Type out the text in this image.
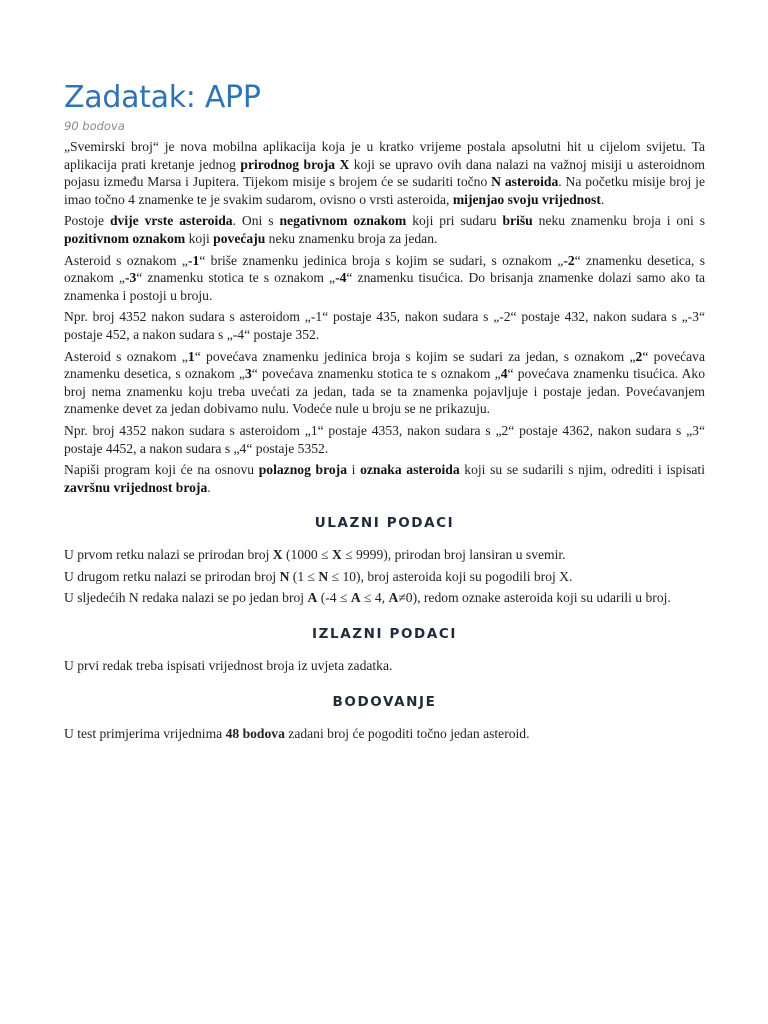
Zadatak: APP
90 bodova

„Svemirski broj“ je nova mobilna aplikacija koja je u kratko vrijeme postala apsolutni hit u cijelom svijetu. Ta aplikacija prati kretanje jednog prirodnog broja X koji se upravo ovih dana nalazi na važnoj misiji u asteroidnom pojasu između Marsa i Jupitera. Tijekom misije s brojem će se sudariti točno N asteroida. Na početku misije broj je imao točno 4 znamenke te je svakim sudarom, ovisno o vrsti asteroida, mijenjao svoju vrijednost.

Postoje dvije vrste asteroida. Oni s negativnom oznakom koji pri sudaru brišu neku znamenku broja i oni s pozitivnom oznakom koji povećaju neku znamenku broja za jedan.

Asteroid s oznakom „-1“ briše znamenku jedinica broja s kojim se sudari, s oznakom „-2“ znamenku desetica, s oznakom „-3“ znamenku stotica te s oznakom „-4“ znamenku tisućica. Do brisanja znamenke dolazi samo ako ta znamenka i postoji u broju.

Npr. broj 4352 nakon sudara s asteroidom „-1“ postaje 435, nakon sudara s „-2“ postaje 432, nakon sudara s „-3“ postaje 452, a nakon sudara s „-4“ postaje 352.

Asteroid s oznakom „1“ povećava znamenku jedinica broja s kojim se sudari za jedan, s oznakom „2“ povećava znamenku desetica, s oznakom „3“ povećava znamenku stotica te s oznakom „4“ povećava znamenku tisućica. Ako broj nema znamenku koju treba uvećati za jedan, tada se ta znamenka pojavljuje i postaje jedan. Povećavanjem znamenke devet za jedan dobivamo nulu. Vodeće nule u broju se ne prikazuju.

Npr. broj 4352 nakon sudara s asteroidom „1“ postaje 4353, nakon sudara s „2“ postaje 4362, nakon sudara s „3“ postaje 4452, a nakon sudara s „4“ postaje 5352.

Napiši program koji će na osnovu polaznog broja i oznaka asteroida koji su se sudarili s njim, odrediti i ispisati završnu vrijednost broja.

ULAZNI PODACI

U prvom retku nalazi se prirodan broj X (1000 ≤ X ≤ 9999), prirodan broj lansiran u svemir.

U drugom retku nalazi se prirodan broj N (1 ≤ N ≤ 10), broj asteroida koji su pogodili broj X.

U sljedećih N redaka nalazi se po jedan broj A (-4 ≤ A ≤ 4, A≠0), redom oznake asteroida koji su udarili u broj.

IZLAZNI PODACI

U prvi redak treba ispisati vrijednost broja iz uvjeta zadatka.

BODOVANJE

U test primjerima vrijednima 48 bodova zadani broj će pogoditi točno jedan asteroid.
